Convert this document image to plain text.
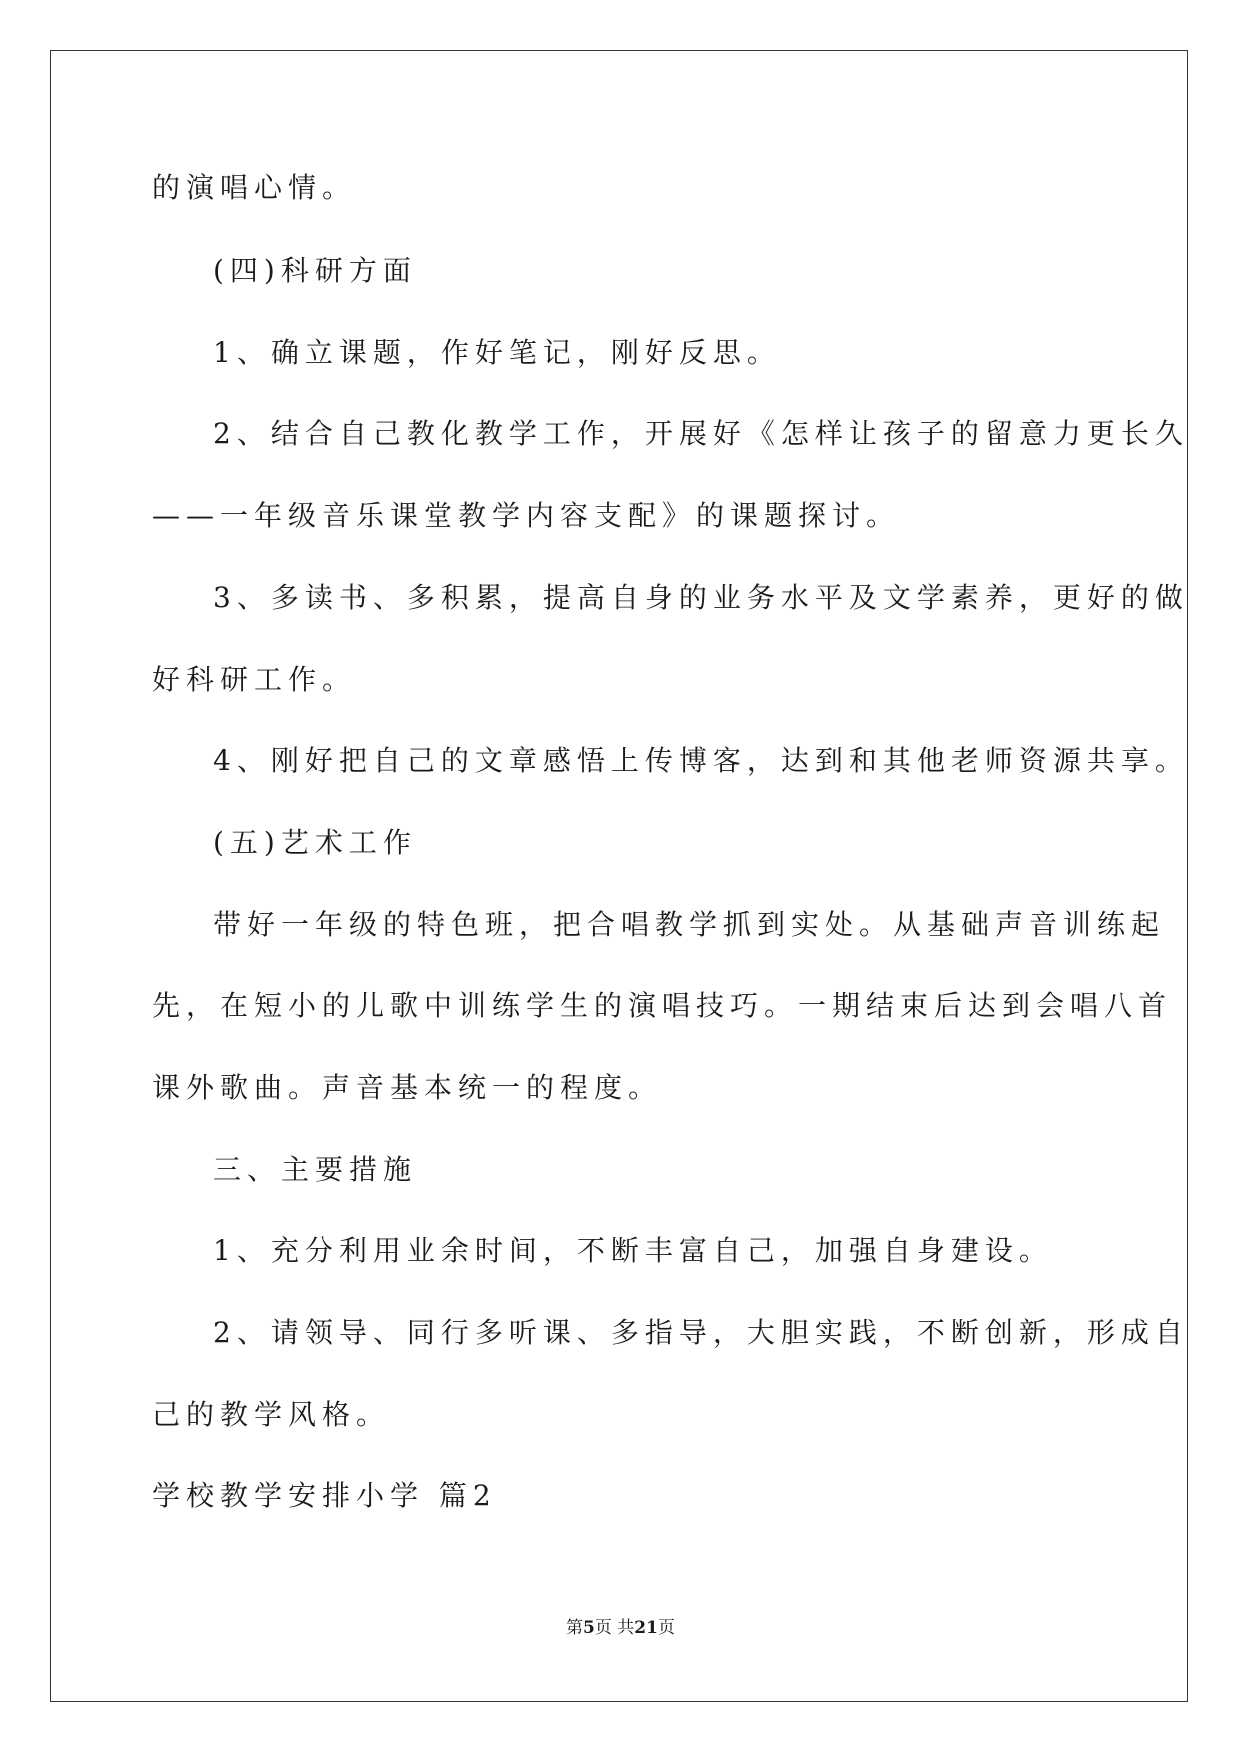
的演唱心情。
(四)科研方面
1、确立课题，作好笔记，刚好反思。
2、结合自己教化教学工作，开展好《怎样让孩子的留意力更长久
——一年级音乐课堂教学内容支配》的课题探讨。
3、多读书、多积累，提高自身的业务水平及文学素养，更好的做
好科研工作。
4、刚好把自己的文章感悟上传博客，达到和其他老师资源共享。
(五)艺术工作
带好一年级的特色班，把合唱教学抓到实处。从基础声音训练起
先，在短小的儿歌中训练学生的演唱技巧。一期结束后达到会唱八首
课外歌曲。声音基本统一的程度。
三、主要措施
1、充分利用业余时间，不断丰富自己，加强自身建设。
2、请领导、同行多听课、多指导，大胆实践，不断创新，形成自
己的教学风格。
学校教学安排小学 篇2
第5页 共21页
